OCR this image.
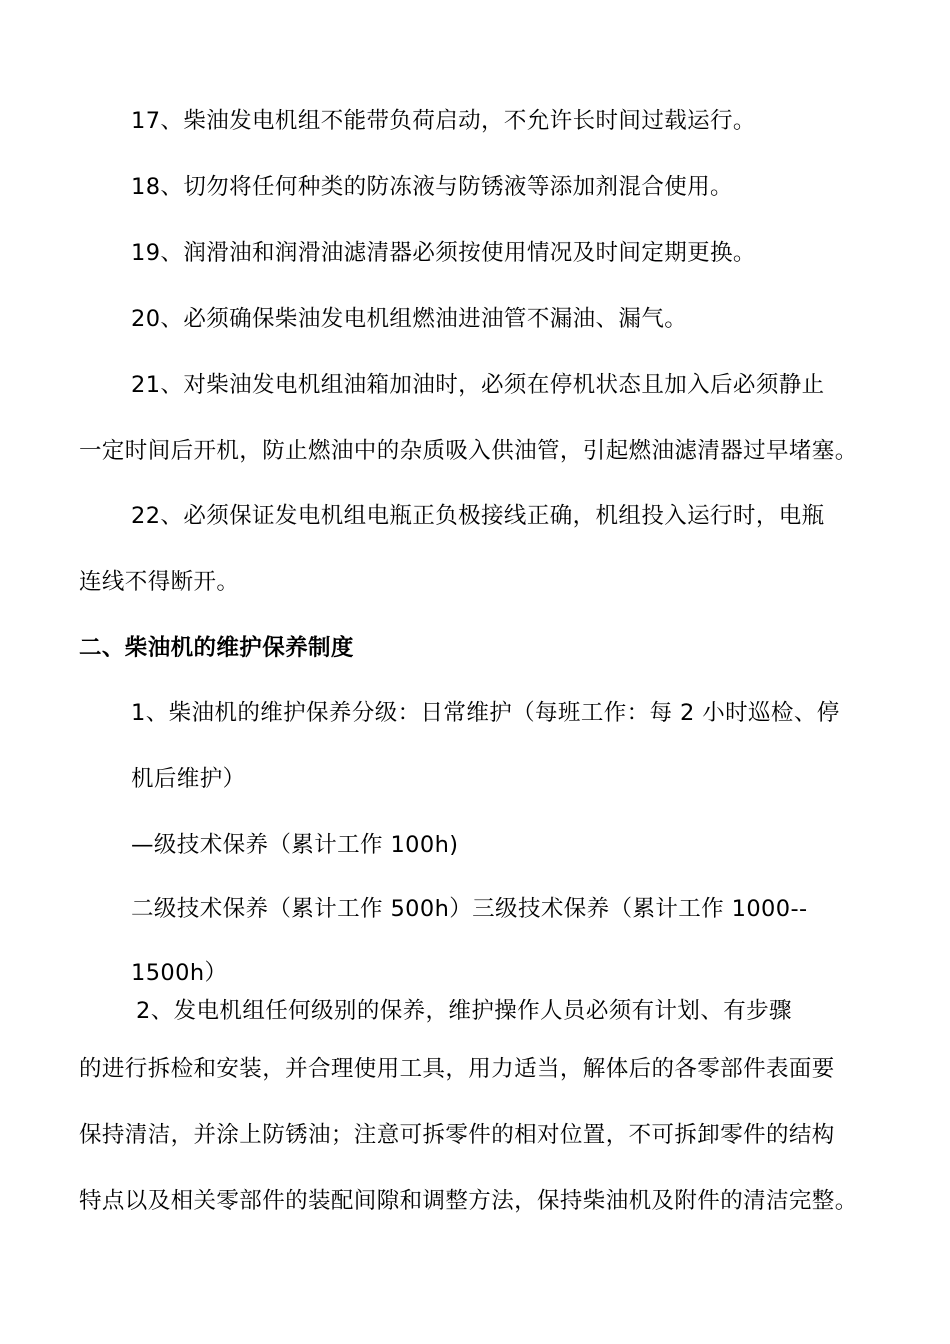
17、柴油发电机组不能带负荷启动，不允许长时间过载运行。
18、切勿将任何种类的防冻液与防锈液等添加剂混合使用。
19、润滑油和润滑油滤清器必须按使用情况及时间定期更换。
20、必须确保柴油发电机组燃油进油管不漏油、漏气。
21、对柴油发电机组油箱加油时，必须在停机状态且加入后必须静止
一定时间后开机，防止燃油中的杂质吸入供油管，引起燃油滤清器过早堵塞。
22、必须保证发电机组电瓶正负极接线正确，机组投入运行时，电瓶
连线不得断开。
二、柴油机的维护保养制度
1、柴油机的维护保养分级：日常维护（每班工作：每 2 小时巡检、停
机后维护）
—级技术保养（累计工作 100h)
二级技术保养（累计工作 500h）三级技术保养（累计工作 1000--
1500h）
2、发电机组任何级别的保养，维护操作人员必须有计划、有步骤
的进行拆检和安装，并合理使用工具，用力适当，解体后的各零部件表面要
保持清洁，并涂上防锈油；注意可拆零件的相对位置，不可拆卸零件的结构
特点以及相关零部件的装配间隙和调整方法，保持柴油机及附件的清洁完整。
